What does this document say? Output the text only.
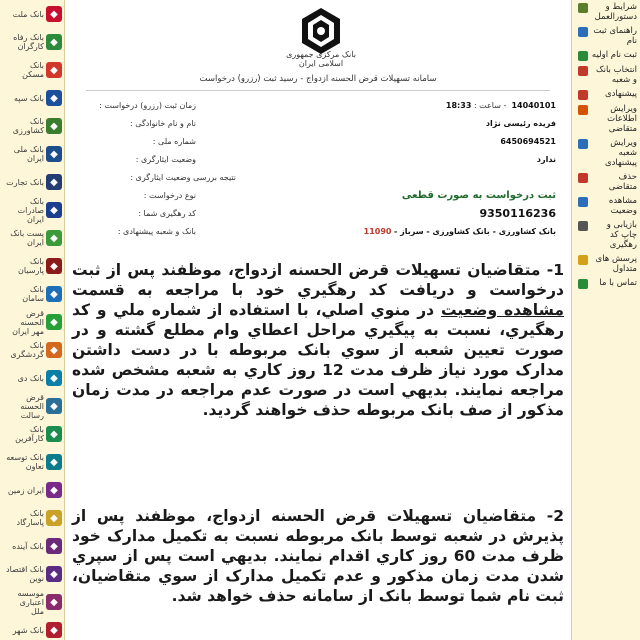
◆
بانک ملت
◆
بانک رفاه کارگران
◆
بانک مسکن
◆
بانک سپه
◆
بانک کشاورزی
◆
بانک ملی ایران
◆
بانک تجارت
◆
بانک صادرات ایران
◆
پست بانک ایران
◆
بانک پارسیان
◆
بانک سامان
◆
قرض الحسنه مهر ایران
◆
بانک گردشگری
◆
بانک دی
◆
قرض الحسنه رسالت
◆
بانک کارآفرین
◆
بانک توسعه تعاون
◆
ایران زمین
◆
بانک پاسارگاد
◆
بانک آینده
◆
بانک اقتصاد نوین
◆
موسسه اعتباری ملل
◆
بانک شهر
شرایط و دستورالعمل
راهنمای ثبت نام
ثبت نام اولیه
انتخاب بانک و شعبه
پیشنهادی
ویرایش اطلاعات متقاضی
ویرایش شعبه پیشنهادی
حذف متقاضی
مشاهده وضعیت
بازیابی و چاپ کد رهگیری
پرسش های متداول
تماس با ما
بانک مرکزی جمهوری اسلامی ایران
سامانه تسهیلات قرض الحسنه ازدواج - رسید ثبت (رزرو) درخواست
زمان ثبت (رزرو) درخواست :	14040101  - ساعت : 18:33
نام و نام خانوادگی :	فریده رئیسی نژاد
شماره ملی :	6450694521
وضعیت ایثارگری :	ندارد
نتیجه بررسی وضعیت ایثارگری :
نوع درخواست :	ثبت درخواست به صورت قطعی
کد رهگیری شما :	9350116236
بانک و شعبه پیشنهادی :	بانک کشاورزی - بانک کشاورزی - سرباز - 11090
1- متقاضیان تسهیلات قرض الحسنه ازدواج، موظفند پس از ثبت درخواست و دریافت کد رهگیري خود با مراجعه به قسمت مشاهده وضعیت در منوي اصلي، با استفاده از شماره ملي و کد رهگیري، نسبت به پیگیري مراحل اعطاي وام مطلع گشته و در صورت تعیین شعبه از سوي بانک مربوطه با در دست داشتن مدارک مورد نیاز ظرف مدت 12 روز کاري به شعبه مشخص شده مراجعه نمایند. بدیهي است در صورت عدم مراجعه در مدت زمان مذکور از صف بانک مربوطه حذف خواهند گردید.
2- متقاضیان تسهیلات قرض الحسنه ازدواج، موظفند پس از پذیرش در شعبه توسط بانک مربوطه نسبت به تکمیل مدارک خود ظرف مدت 60 روز کاري اقدام نمایند. بدیهي است پس از سپري شدن مدت زمان مذکور و عدم تکمیل مدارک از سوي متقاضیان، ثبت نام شما توسط بانک از سامانه حذف خواهد شد.
